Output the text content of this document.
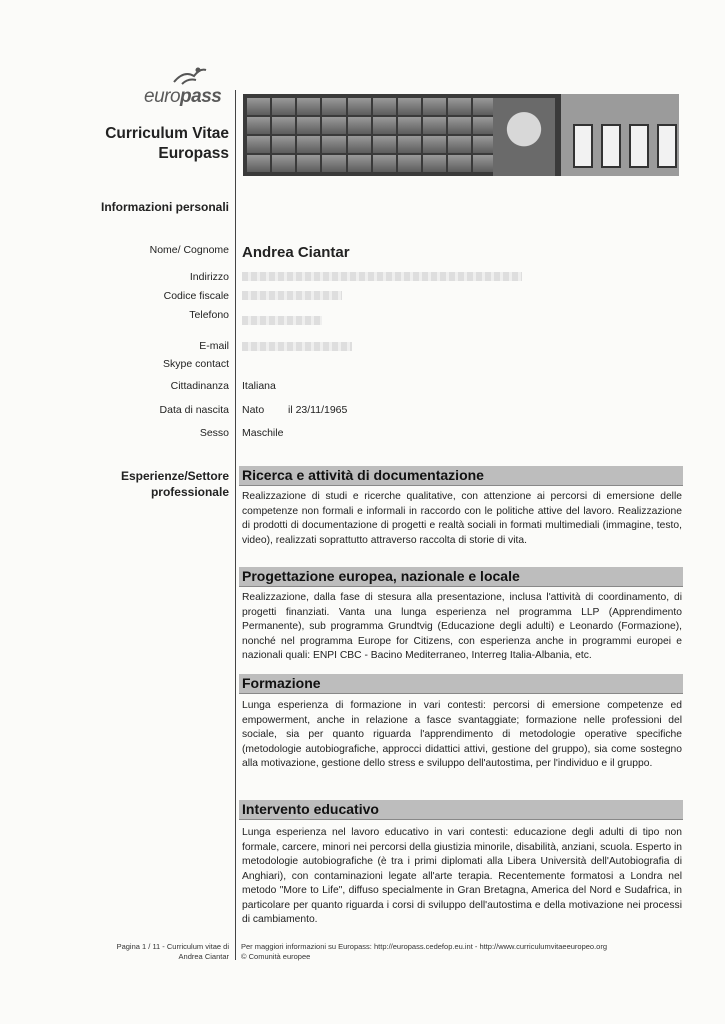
europass
Curriculum Vitae
Europass
Informazioni personali
Nome/ Cognome Andrea Ciantar
Indirizzo
Codice fiscale
Telefono
E-mail
Skype contact
Cittadinanza Italiana
Data di nascita Nato il 23/11/1965
Sesso Maschile
Esperienze/Settore
professionale
Ricerca e attività di documentazione
Realizzazione di studi e ricerche qualitative, con attenzione ai percorsi di emersione delle competenze non formali e informali in raccordo con le politiche attive del lavoro. Realizzazione di prodotti di documentazione di progetti e realtà sociali in formati multimediali (immagine, testo, video), realizzati soprattutto attraverso raccolta di storie di vita.
Progettazione europea, nazionale e locale
Realizzazione, dalla fase di stesura alla presentazione, inclusa l'attività di coordinamento, di progetti finanziati. Vanta una lunga esperienza nel programma LLP (Apprendimento Permanente), sub programma Grundtvig (Educazione degli adulti) e Leonardo (Formazione), nonché nel programma Europe for Citizens, con esperienza anche in programmi europei e nazionali quali: ENPI CBC - Bacino Mediterraneo, Interreg Italia-Albania, etc.
Formazione
Lunga esperienza di formazione in vari contesti: percorsi di emersione competenze ed empowerment, anche in relazione a fasce svantaggiate; formazione nelle professioni del sociale, sia per quanto riguarda l'apprendimento di metodologie operative specifiche (metodologie autobiografiche, approcci didattici attivi, gestione del gruppo), sia come sostegno alla motivazione, gestione dello stress e sviluppo dell'autostima, per l'individuo e il gruppo.
Intervento educativo
Lunga esperienza nel lavoro educativo in vari contesti: educazione degli adulti di tipo non formale, carcere, minori nei percorsi della giustizia minorile, disabilità, anziani, scuola. Esperto in metodologie autobiografiche (è tra i primi diplomati alla Libera Università dell'Autobiografia di Anghiari), con contaminazioni legate all'arte terapia. Recentemente formatosi a Londra nel metodo "More to Life", diffuso specialmente in Gran Bretagna, America del Nord e Sudafrica, in particolare per quanto riguarda i corsi di sviluppo dell'autostima e della motivazione nei processi di cambiamento.
Pagina 1 / 11 - Curriculum vitae di
Andrea Ciantar
Per maggiori informazioni su Europass: http://europass.cedefop.eu.int - http://www.curriculumvitaeeuropeo.org
© Comunità europee
